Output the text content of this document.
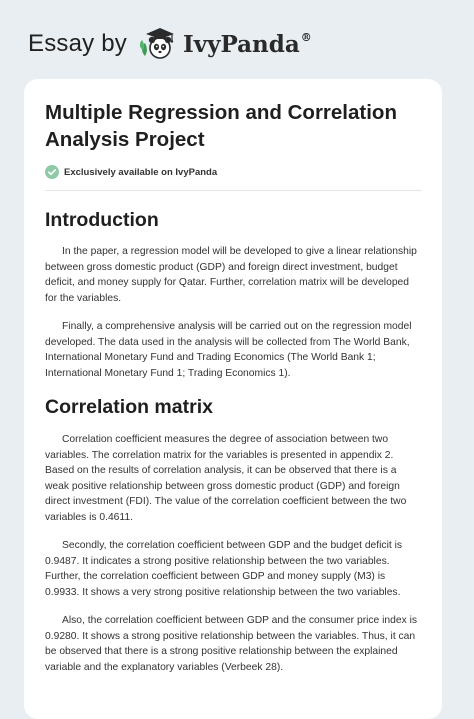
Essay by IvyPanda®
Multiple Regression and Correlation Analysis Project
Exclusively available on IvyPanda
Introduction

In the paper, a regression model will be developed to give a linear relationship between gross domestic product (GDP) and foreign direct investment, budget deficit, and money supply for Qatar. Further, correlation matrix will be developed for the variables.

Finally, a comprehensive analysis will be carried out on the regression model developed. The data used in the analysis will be collected from The World Bank, International Monetary Fund and Trading Economics (The World Bank 1; International Monetary Fund 1; Trading Economics 1).

Correlation matrix

Correlation coefficient measures the degree of association between two variables. The correlation matrix for the variables is presented in appendix 2. Based on the results of correlation analysis, it can be observed that there is a weak positive relationship between gross domestic product (GDP) and foreign direct investment (FDI). The value of the correlation coefficient between the two variables is 0.4611.

Secondly, the correlation coefficient between GDP and the budget deficit is 0.9487. It indicates a strong positive relationship between the two variables. Further, the correlation coefficient between GDP and money supply (M3) is 0.9933. It shows a very strong positive relationship between the two variables.

Also, the correlation coefficient between GDP and the consumer price index is 0.9280. It shows a strong positive relationship between the variables. Thus, it can be observed that there is a strong positive relationship between the explained variable and the explanatory variables (Verbeek 28).
